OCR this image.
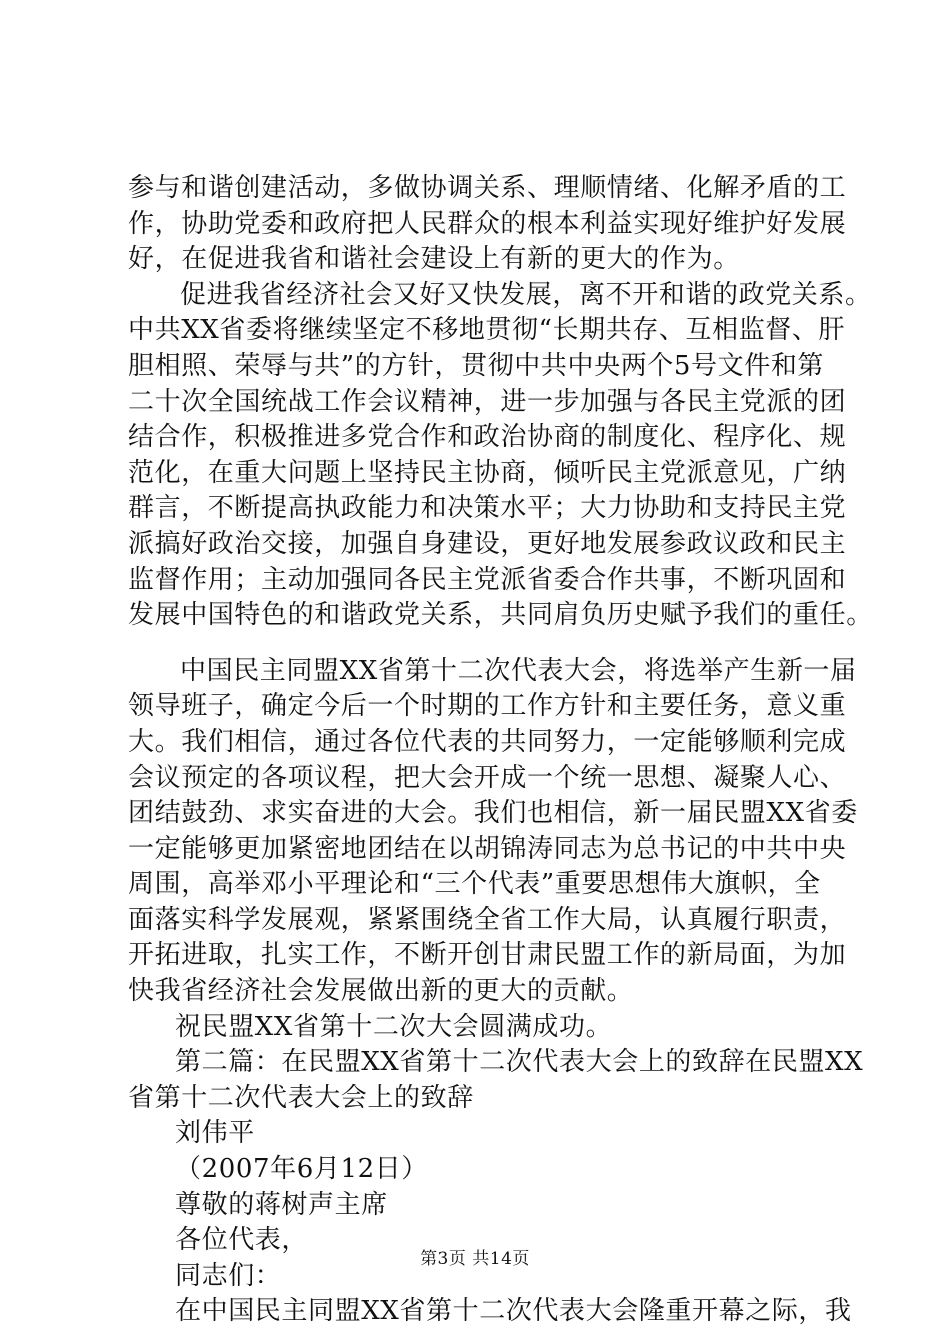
参与和谐创建活动，多做协调关系、理顺情绪、化解矛盾的工
作，协助党委和政府把人民群众的根本利益实现好维护好发展
好，在促进我省和谐社会建设上有新的更大的作为。
促进我省经济社会又好又快发展，离不开和谐的政党关系。
中共XX省委将继续坚定不移地贯彻“长期共存、互相监督、肝
胆相照、荣辱与共”的方针，贯彻中共中央两个5号文件和第
二十次全国统战工作会议精神，进一步加强与各民主党派的团
结合作，积极推进多党合作和政治协商的制度化、程序化、规
范化，在重大问题上坚持民主协商，倾听民主党派意见，广纳
群言，不断提高执政能力和决策水平；大力协助和支持民主党
派搞好政治交接，加强自身建设，更好地发展参政议政和民主
监督作用；主动加强同各民主党派省委合作共事，不断巩固和
发展中国特色的和谐政党关系，共同肩负历史赋予我们的重任。
中国民主同盟XX省第十二次代表大会，将选举产生新一届
领导班子，确定今后一个时期的工作方针和主要任务，意义重
大。我们相信，通过各位代表的共同努力，一定能够顺利完成
会议预定的各项议程，把大会开成一个统一思想、凝聚人心、
团结鼓劲、求实奋进的大会。我们也相信，新一届民盟XX省委
一定能够更加紧密地团结在以胡锦涛同志为总书记的中共中央
周围，高举邓小平理论和“三个代表”重要思想伟大旗帜，全
面落实科学发展观，紧紧围绕全省工作大局，认真履行职责，
开拓进取，扎实工作，不断开创甘肃民盟工作的新局面，为加
快我省经济社会发展做出新的更大的贡献。
祝民盟XX省第十二次大会圆满成功。
第二篇：在民盟XX省第十二次代表大会上的致辞在民盟XX
省第十二次代表大会上的致辞
刘伟平
（2007年6月12日）
尊敬的蒋树声主席
各位代表，
同志们：
在中国民主同盟XX省第十二次代表大会隆重开幕之际，我
第3页 共14页
